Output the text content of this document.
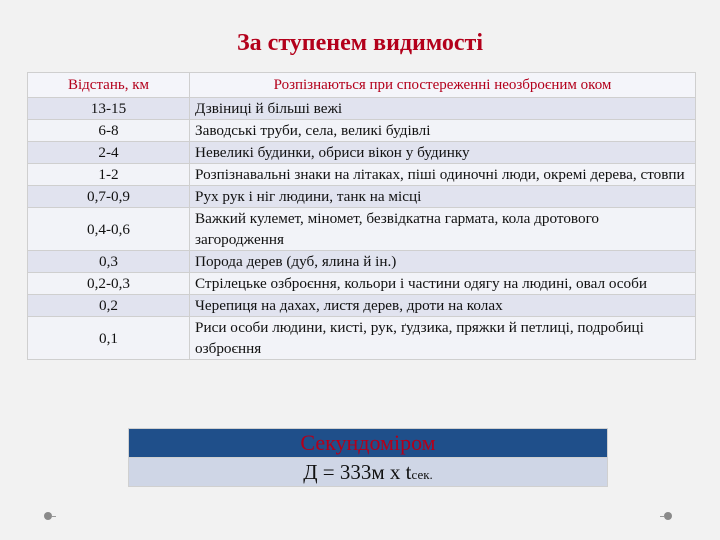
За ступенем видимості
Відстань, км	Розпізнаються при спостереженні неозброєним оком
13-15	Дзвіниці й більші вежі
6-8	Заводські труби, села, великі будівлі
2-4	Невеликі будинки, обриси вікон у будинку
1-2	Розпізнавальні знаки на літаках, піші одиночні люди, окремі дерева, стовпи
0,7-0,9	Рух рук і ніг людини, танк на місці
0,4-0,6	Важкий кулемет, міномет, безвідкатна гармата, кола дротового загородження
0,3	Порода дерев (дуб, ялина й ін.)
0,2-0,3	Стрілецьке озброєння, кольори і частини одягу на людині, овал особи
0,2	Черепиця на дахах, листя дерев, дроти на колах
0,1	Риси особи людини, кисті, рук, ґудзика, пряжки й петлиці, подробиці озброєння
Секундоміром
Д = 333м х tсек.
